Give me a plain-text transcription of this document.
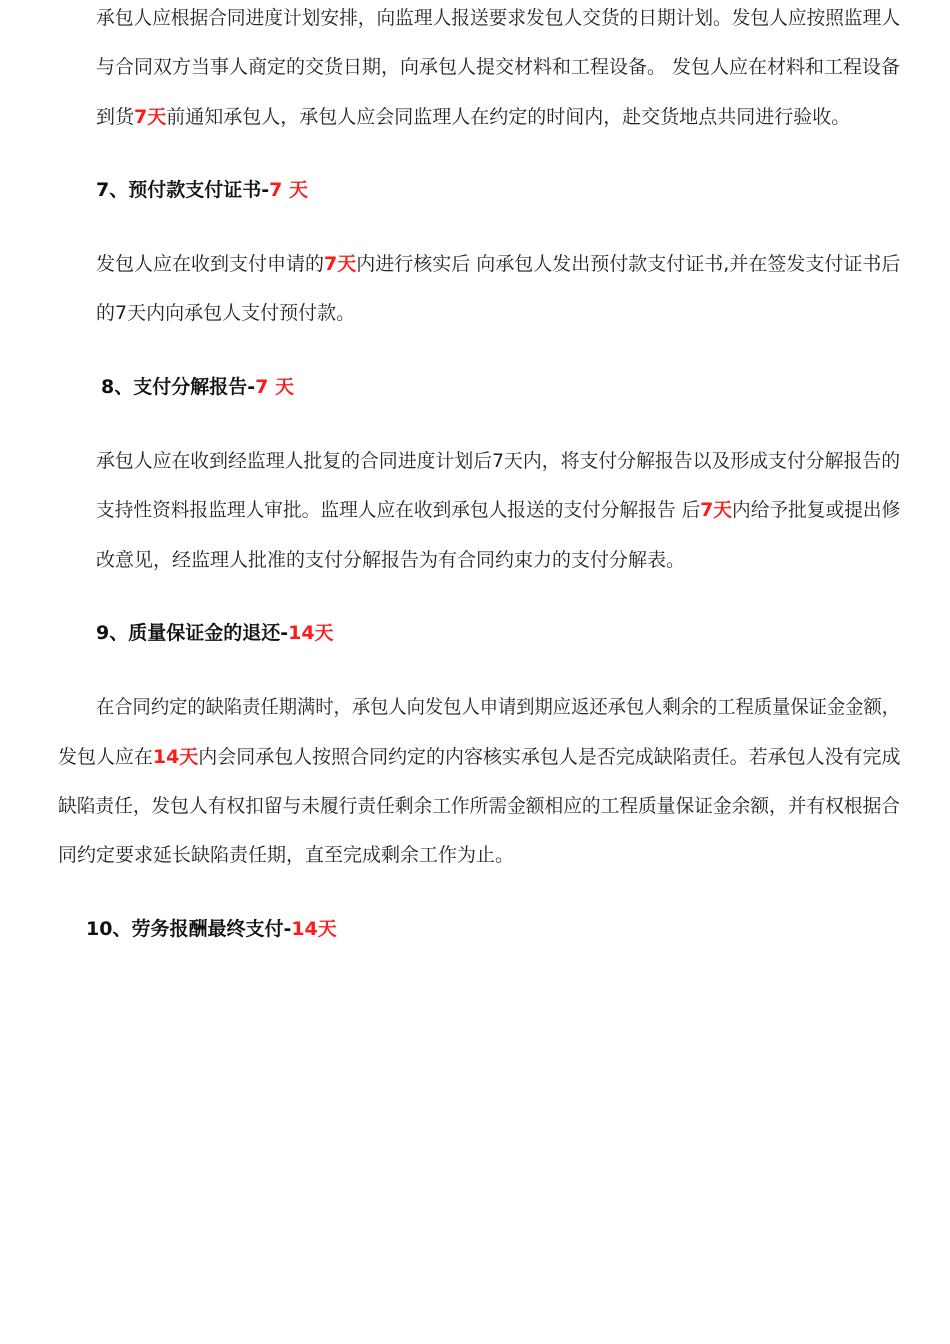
承包人应根据合同进度计划安排，向监理人报送要求发包人交货的日期计划。发包人应按照监理人
与合同双方当事人商定的交货日期，向承包人提交材料和工程设备。 发包人应在材料和工程设备
到货7天前通知承包人，承包人应会同监理人在约定的时间内，赴交货地点共同进行验收。
7、预付款支付证书-7 天
发包人应在收到支付申请的7天内进行核实后 向承包人发出预付款支付证书,并在签发支付证书后
的7天内向承包人支付预付款。
8、支付分解报告-7 天
承包人应在收到经监理人批复的合同进度计划后7天内，将支付分解报告以及形成支付分解报告的
支持性资料报监理人审批。监理人应在收到承包人报送的支付分解报告 后7天内给予批复或提出修
改意见，经监理人批准的支付分解报告为有合同约束力的支付分解表。
9、质量保证金的退还-14天
在合同约定的缺陷责任期满时，承包人向发包人申请到期应返还承包人剩余的工程质量保证金金额，
发包人应在14天内会同承包人按照合同约定的内容核实承包人是否完成缺陷责任。若承包人没有完成
缺陷责任，发包人有权扣留与未履行责任剩余工作所需金额相应的工程质量保证金余额，并有权根据合
同约定要求延长缺陷责任期，直至完成剩余工作为止。
10、劳务报酬最终支付-14天
